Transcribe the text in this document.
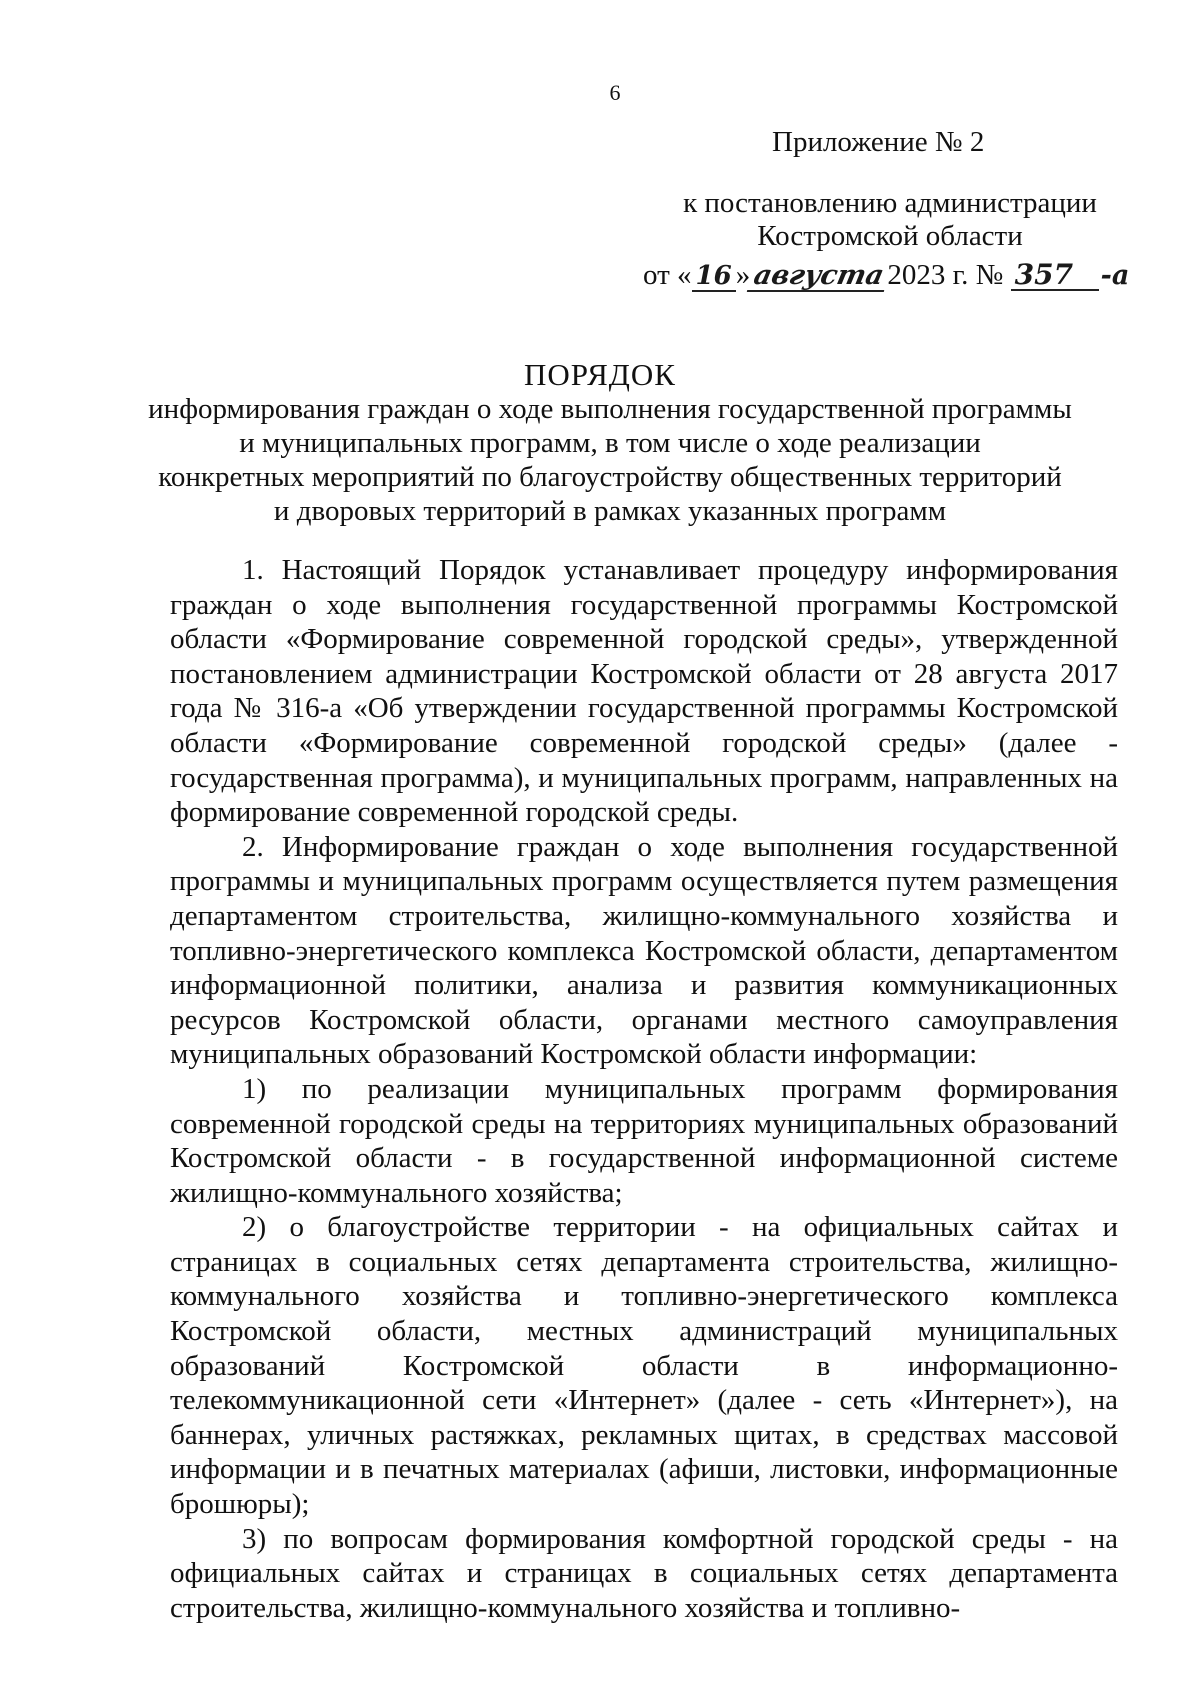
6
Приложение № 2
к постановлению администрации
Костромской области
от « 16 »августа2023 г. № 357 -а
ПОРЯДОК
информирования граждан о ходе выполнения государственной программы
и муниципальных программ, в том числе о ходе реализации
конкретных мероприятий по благоустройству общественных территорий
и дворовых территорий в рамках указанных программ

1. Настоящий Порядок устанавливает процедуру информирования граждан о ходе выполнения государственной программы Костромской области «Формирование современной городской среды», утвержденной постановлением администрации Костромской области от 28 августа 2017 года № 316-а «Об утверждении государственной программы Костромской области «Формирование современной городской среды» (далее - государственная программа), и муниципальных программ, направленных на формирование современной городской среды.

2. Информирование граждан о ходе выполнения государственной программы и муниципальных программ осуществляется путем размещения департаментом строительства, жилищно-коммунального хозяйства и топливно-энергетического комплекса Костромской области, департаментом информационной политики, анализа и развития коммуникационных ресурсов Костромской области, органами местного самоуправления муниципальных образований Костромской области информации:

1) по реализации муниципальных программ формирования современной городской среды на территориях муниципальных образований Костромской области - в государственной информационной системе жилищно-коммунального хозяйства;

2) о благоустройстве территории - на официальных сайтах и страницах в социальных сетях департамента строительства, жилищно-коммунального хозяйства и топливно-энергетического комплекса Костромской области, местных администраций муниципальных образований Костромской области в информационно-телекоммуникационной сети «Интернет» (далее - сеть «Интернет»), на баннерах, уличных растяжках, рекламных щитах, в средствах массовой информации и в печатных материалах (афиши, листовки, информационные брошюры);

3) по вопросам формирования комфортной городской среды - на официальных сайтах и страницах в социальных сетях департамента строительства, жилищно-коммунального хозяйства и топливно-
